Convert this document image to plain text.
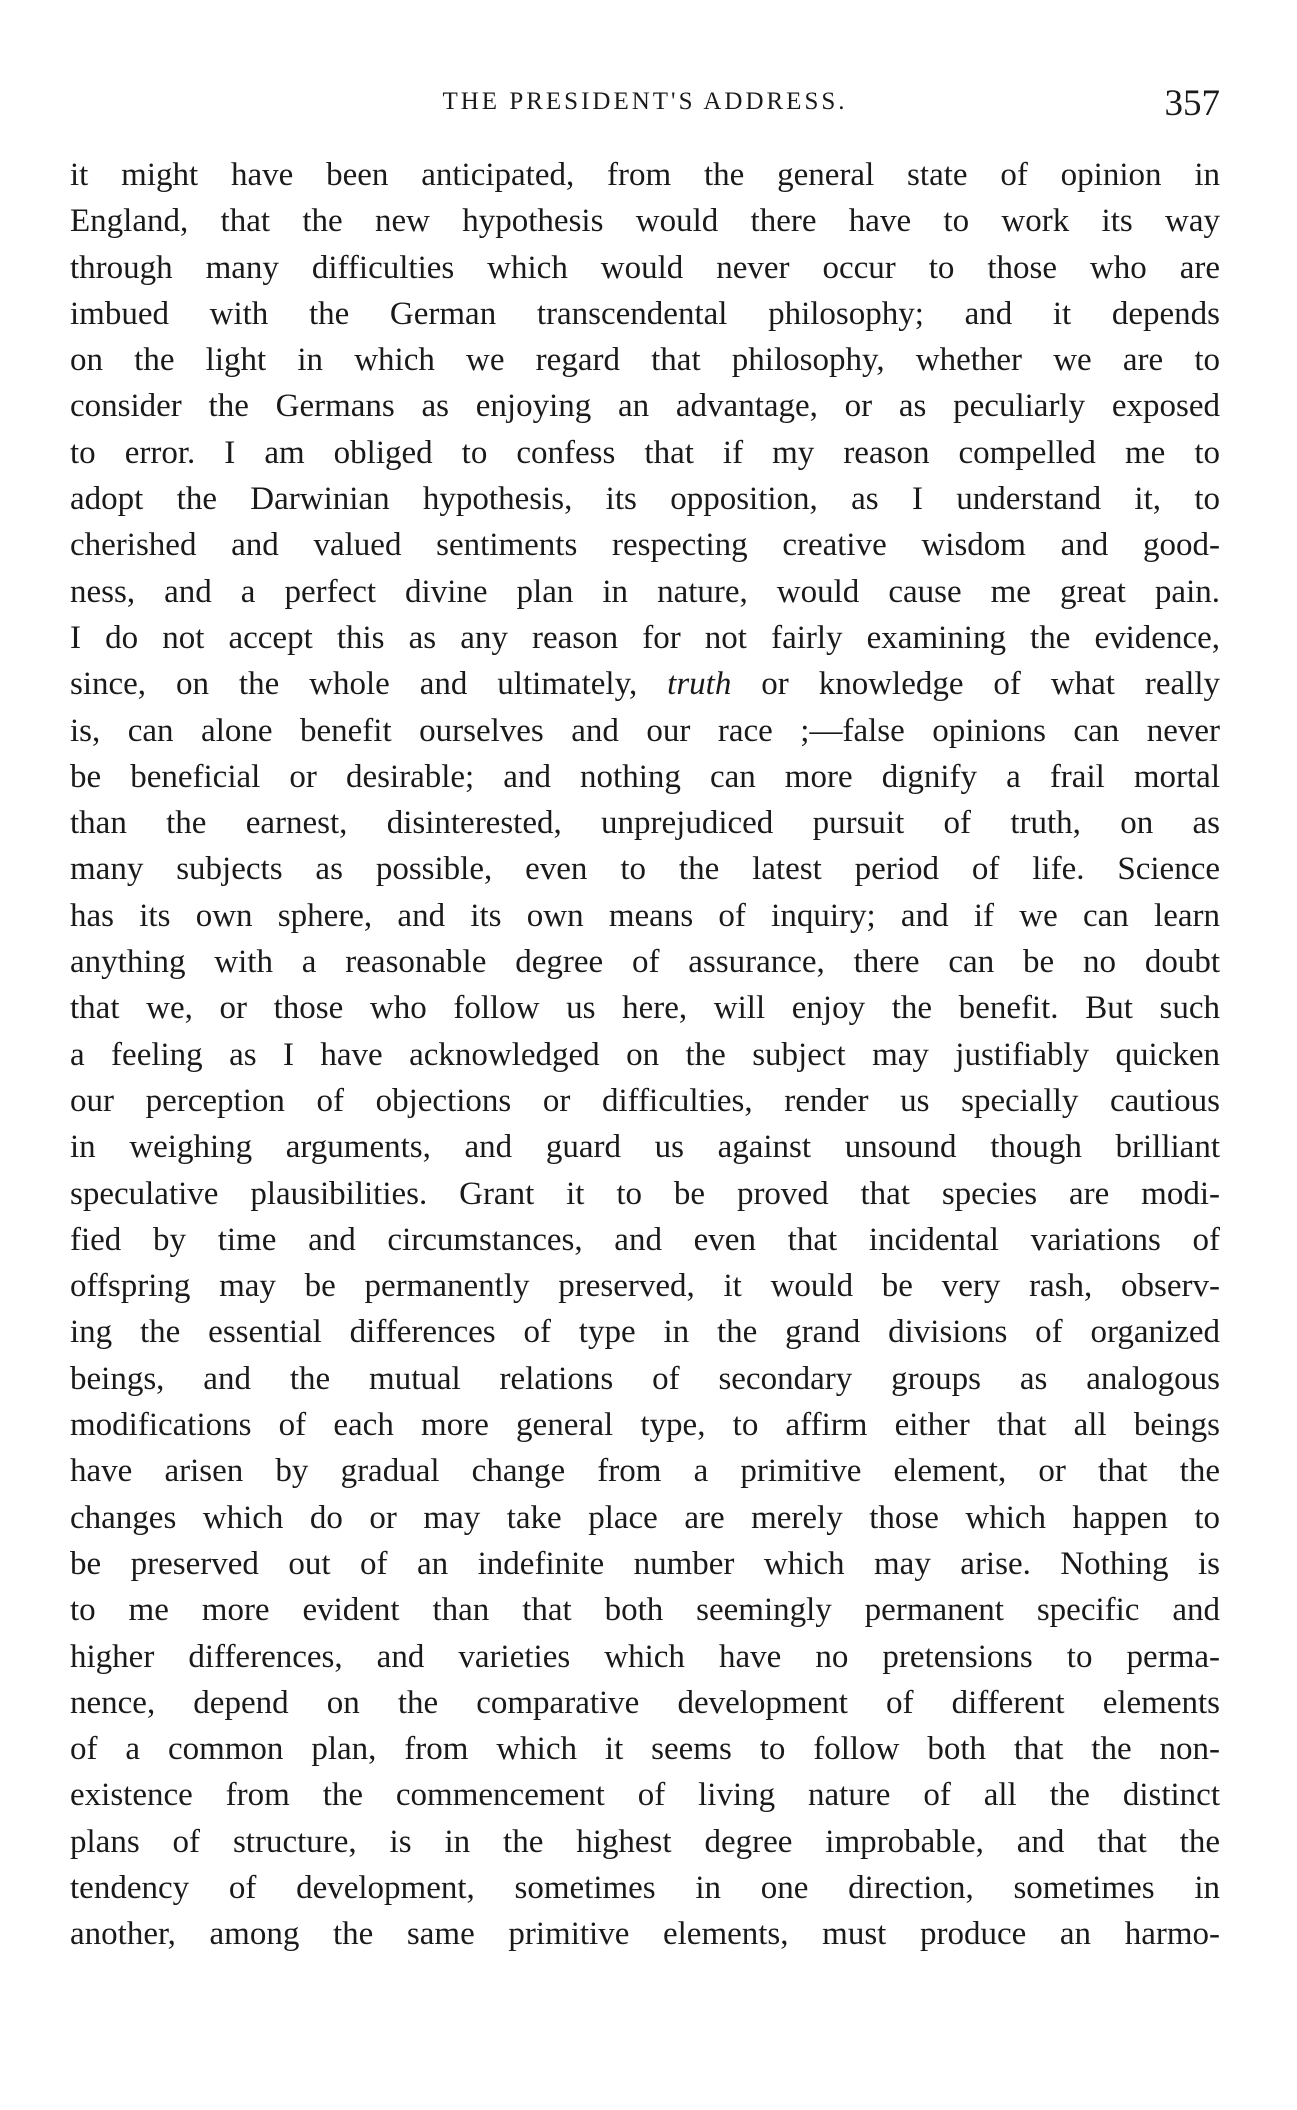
THE PRESIDENT'S ADDRESS.	357
it might have been anticipated, from the general state of opinion in
England, that the new hypothesis would there have to work its way
through many difficulties which would never occur to those who are
imbued with the German transcendental philosophy; and it depends
on the light in which we regard that philosophy, whether we are to
consider the Germans as enjoying an advantage, or as peculiarly exposed
to error. I am obliged to confess that if my reason compelled me to
adopt the Darwinian hypothesis, its opposition, as I understand it, to
cherished and valued sentiments respecting creative wisdom and good-
ness, and a perfect divine plan in nature, would cause me great pain.
I do not accept this as any reason for not fairly examining the evidence,
since, on the whole and ultimately, truth or knowledge of what really
is, can alone benefit ourselves and our race ;—false opinions can never
be beneficial or desirable; and nothing can more dignify a frail mortal
than the earnest, disinterested, unprejudiced pursuit of truth, on as
many subjects as possible, even to the latest period of life. Science
has its own sphere, and its own means of inquiry; and if we can learn
anything with a reasonable degree of assurance, there can be no doubt
that we, or those who follow us here, will enjoy the benefit. But such
a feeling as I have acknowledged on the subject may justifiably quicken
our perception of objections or difficulties, render us specially cautious
in weighing arguments, and guard us against unsound though brilliant
speculative plausibilities. Grant it to be proved that species are modi-
fied by time and circumstances, and even that incidental variations of
offspring may be permanently preserved, it would be very rash, observ-
ing the essential differences of type in the grand divisions of organized
beings, and the mutual relations of secondary groups as analogous
modifications of each more general type, to affirm either that all beings
have arisen by gradual change from a primitive element, or that the
changes which do or may take place are merely those which happen to
be preserved out of an indefinite number which may arise. Nothing is
to me more evident than that both seemingly permanent specific and
higher differences, and varieties which have no pretensions to perma-
nence, depend on the comparative development of different elements
of a common plan, from which it seems to follow both that the non-
existence from the commencement of living nature of all the distinct
plans of structure, is in the highest degree improbable, and that the
tendency of development, sometimes in one direction, sometimes in
another, among the same primitive elements, must produce an harmo-
